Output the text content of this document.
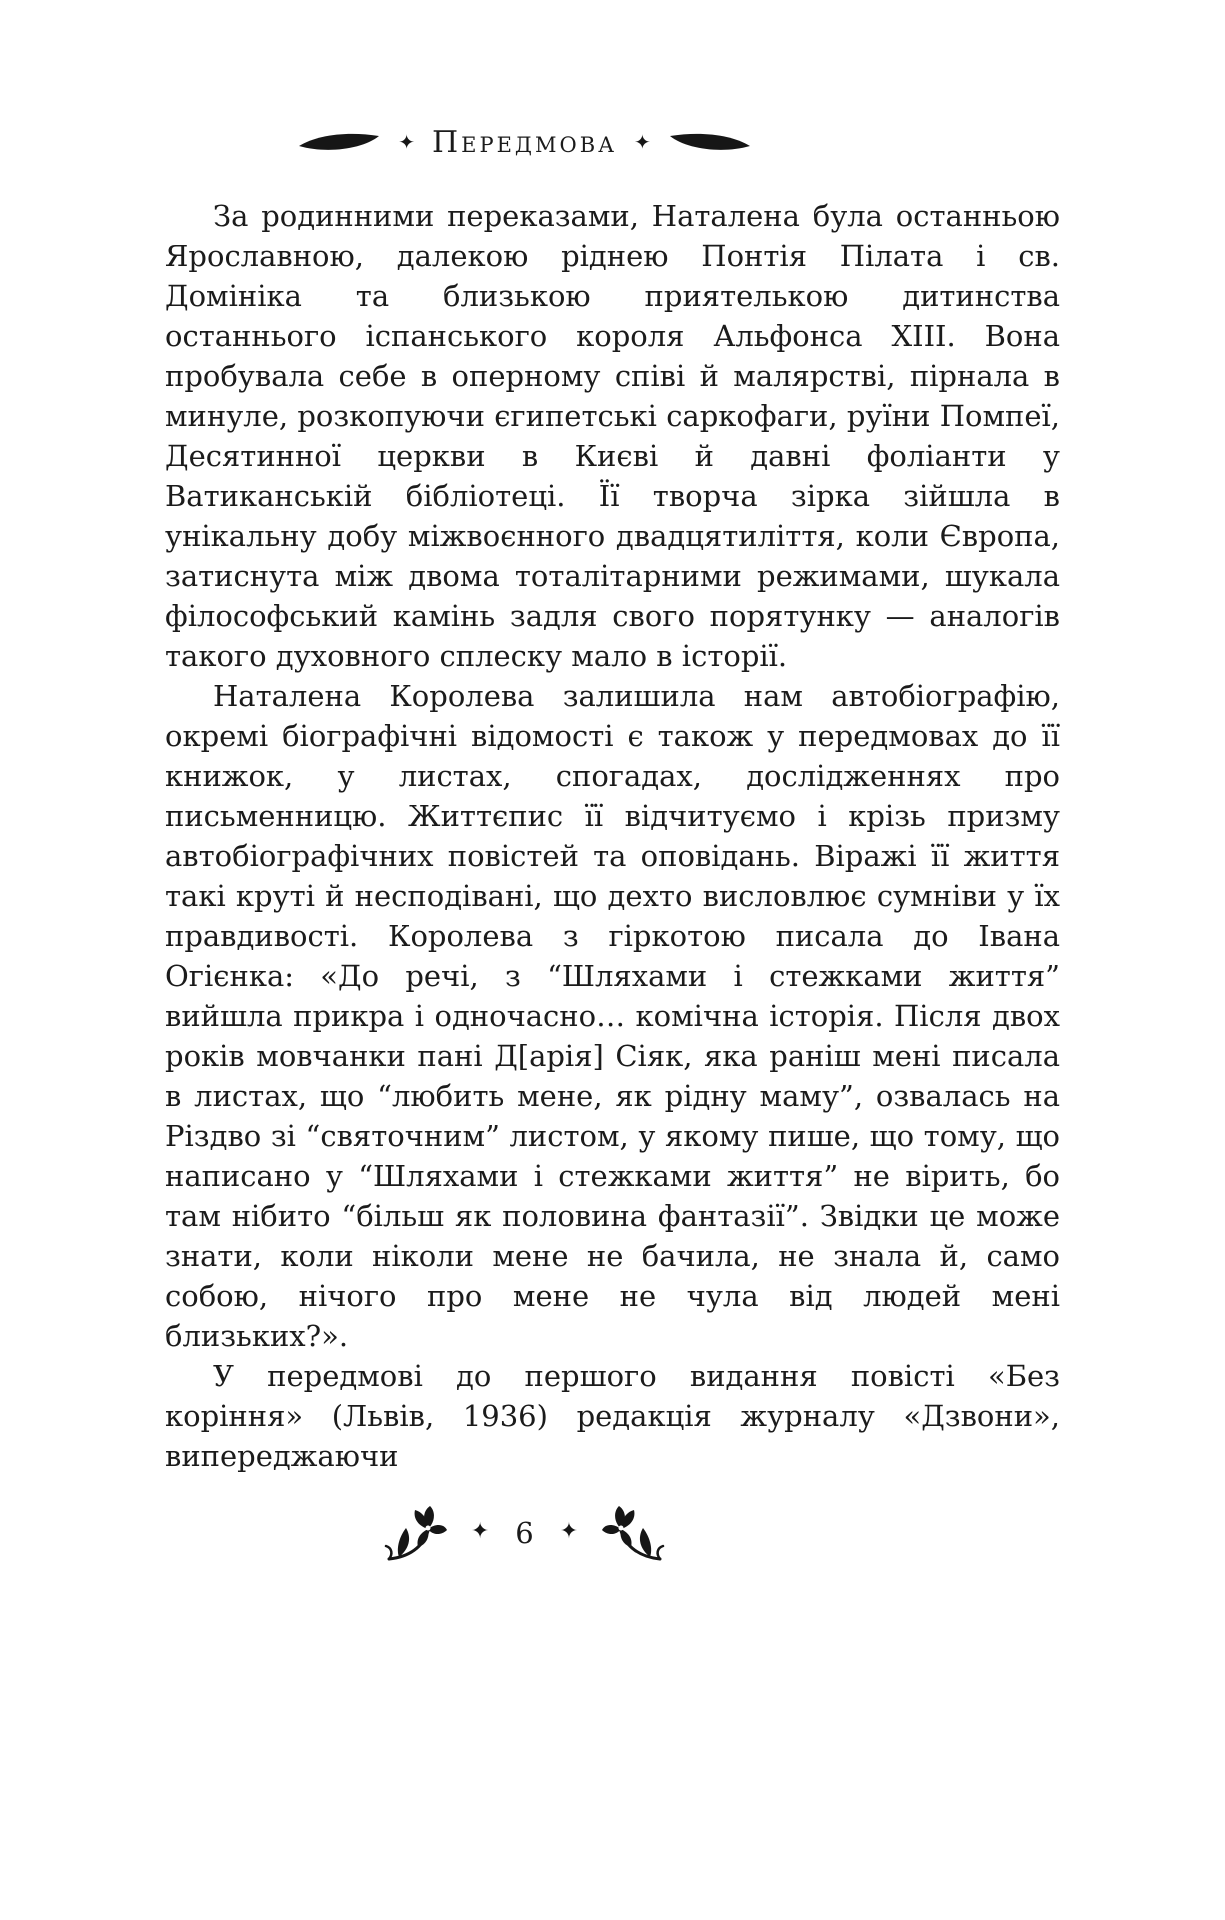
✦ Передмова ✦

За родинними переказами, Наталена була останньою Ярославною, далекою ріднею Понтія Пілата і св. Домініка та близькою приятелькою дитинства останнього іспанського короля Альфонса XIII. Вона пробувала себе в оперному співі й малярстві, пірнала в минуле, розкопуючи єгипетські саркофаги, руїни Помпеї, Десятинної церкви в Києві й давні фоліанти у Ватиканській бібліотеці. Її творча зірка зійшла в унікальну добу міжвоєнного двадцятиліття, коли Європа, затиснута між двома тоталітарними режимами, шукала філософський камінь задля свого порятунку — аналогів такого духовного сплеску мало в історії.

Наталена Королева залишила нам автобіографію, окремі біографічні відомості є також у передмовах до її книжок, у листах, спогадах, дослідженнях про письменницю. Життєпис її відчитуємо і крізь призму автобіографічних повістей та оповідань. Віражі її життя такі круті й несподівані, що дехто висловлює сумніви у їх правдивості. Королева з гіркотою писала до Івана Огієнка: «До речі, з “Шляхами і стежками життя” вийшла прикра і одночасно… комічна історія. Після двох років мовчанки пані Д[арія] Сіяк, яка раніш мені писала в листах, що “любить мене, як рідну маму”, озвалась на Різдво зі “святочним” листом, у якому пише, що тому, що написано у “Шляхами і стежками життя” не вірить, бо там нібито “більш як половина фантазії”. Звідки це може знати, коли ніколи мене не бачила, не знала й, само собою, нічого про мене не чула від людей мені близьких?».

У передмові до першого видання повісті «Без коріння» (Львів, 1936) редакція журналу «Дзвони», випереджаючи

✦ 6 ✦
